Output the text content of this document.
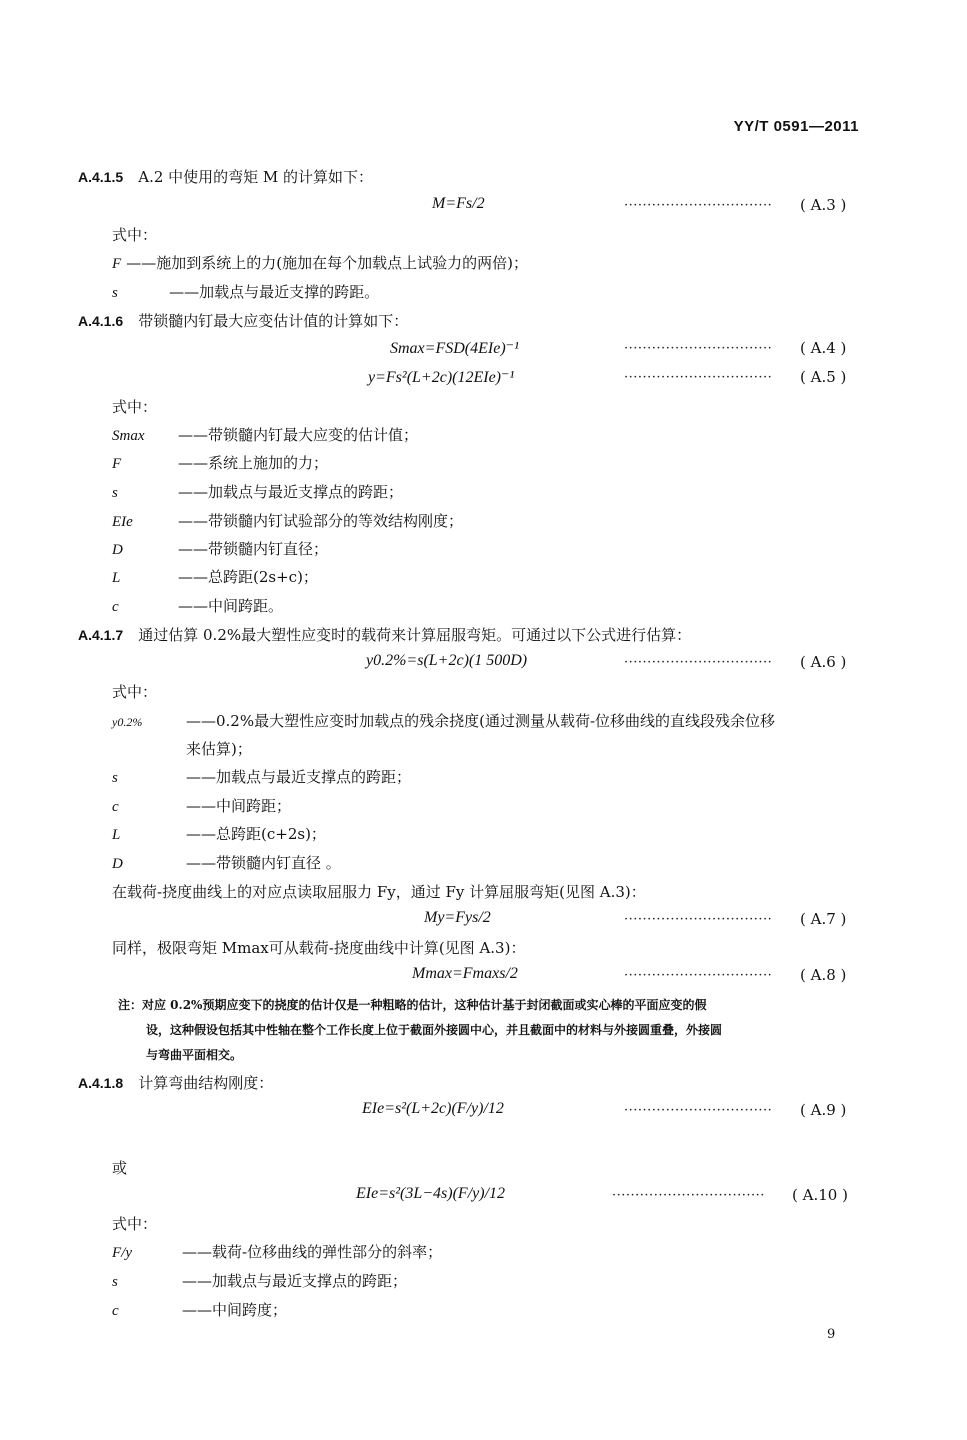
YY/T 0591—2011
A.4.1.5 A.2 中使用的弯矩 M 的计算如下：
M=Fs/2	································ ( A.3 )
式中：
F ——施加到系统上的力(施加在每个加载点上试验力的两倍)；
s	——加载点与最近支撑的跨距。
A.4.1.6 带锁髓内钉最大应变估计值的计算如下：
Smax=FSD(4EIe)⁻¹	································ ( A.4 )
y=Fs²(L+2c)(12EIe)⁻¹	································ ( A.5 )
式中：
Smax ——带锁髓内钉最大应变的估计值；
F	——系统上施加的力；
s	——加载点与最近支撑点的跨距；
EIe	——带锁髓内钉试验部分的等效结构刚度；
D	——带锁髓内钉直径；
L	——总跨距(2s+c)；
c	——中间跨距。
A.4.1.7 通过估算 0.2%最大塑性应变时的载荷来计算屈服弯矩。可通过以下公式进行估算：
y0.2%=s(L+2c)(1 500D)	································ ( A.6 )
式中：
y0.2%	——0.2%最大塑性应变时加载点的残余挠度(通过测量从载荷-位移曲线的直线段残余位移
来估算)；
s	——加载点与最近支撑点的跨距；
c	——中间跨距；
L	——总跨距(c+2s)；
D	——带锁髓内钉直径 。
在载荷-挠度曲线上的对应点读取屈服力 Fy，通过 Fy 计算屈服弯矩(见图 A.3)：
My=Fys/2	································ ( A.7 )
同样，极限弯矩 Mmax可从载荷-挠度曲线中计算(见图 A.3)：
Mmax=Fmaxs/2	································ ( A.8 )
注：对应 0.2%预期应变下的挠度的估计仅是一种粗略的估计，这种估计基于封闭截面或实心棒的平面应变的假
设，这种假设包括其中性轴在整个工作长度上位于截面外接圆中心，并且截面中的材料与外接圆重叠，外接圆
与弯曲平面相交。
A.4.1.8 计算弯曲结构刚度：
EIe=s²(L+2c)(F/y)/12	································ ( A.9 )
或
EIe=s²(3L−4s)(F/y)/12	································· ( A.10 )
式中：
F/y	——载荷-位移曲线的弹性部分的斜率；
s	——加载点与最近支撑点的跨距；
c	——中间跨度；
9
